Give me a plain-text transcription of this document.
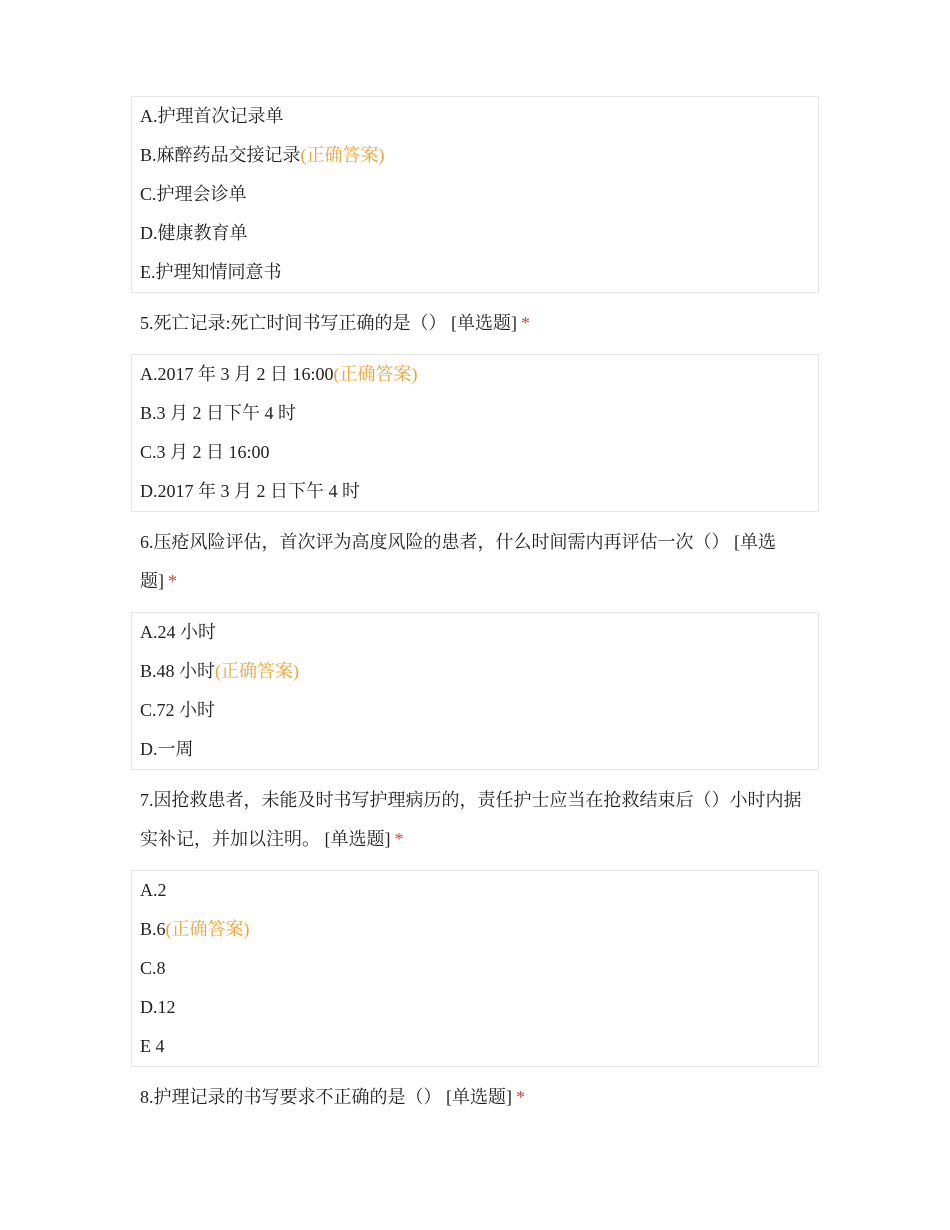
A.护理首次记录单
B.麻醉药品交接记录(正确答案)
C.护理会诊单
D.健康教育单
E.护理知情同意书
5.死亡记录:死亡时间书写正确的是（） [单选题] *
A.2017 年 3 月 2 日 16:00(正确答案)
B.3 月 2 日下午 4 时
C.3 月 2 日 16:00
D.2017 年 3 月 2 日下午 4 时
6.压疮风险评估，首次评为高度风险的患者，什么时间需内再评估一次（） [单选题] *
A.24 小时
B.48 小时(正确答案)
C.72 小时
D.一周
7.因抢救患者，未能及时书写护理病历的，责任护士应当在抢救结束后（）小时内据实补记，并加以注明。 [单选题] *
A.2
B.6(正确答案)
C.8
D.12
E 4
8.护理记录的书写要求不正确的是（） [单选题] *
